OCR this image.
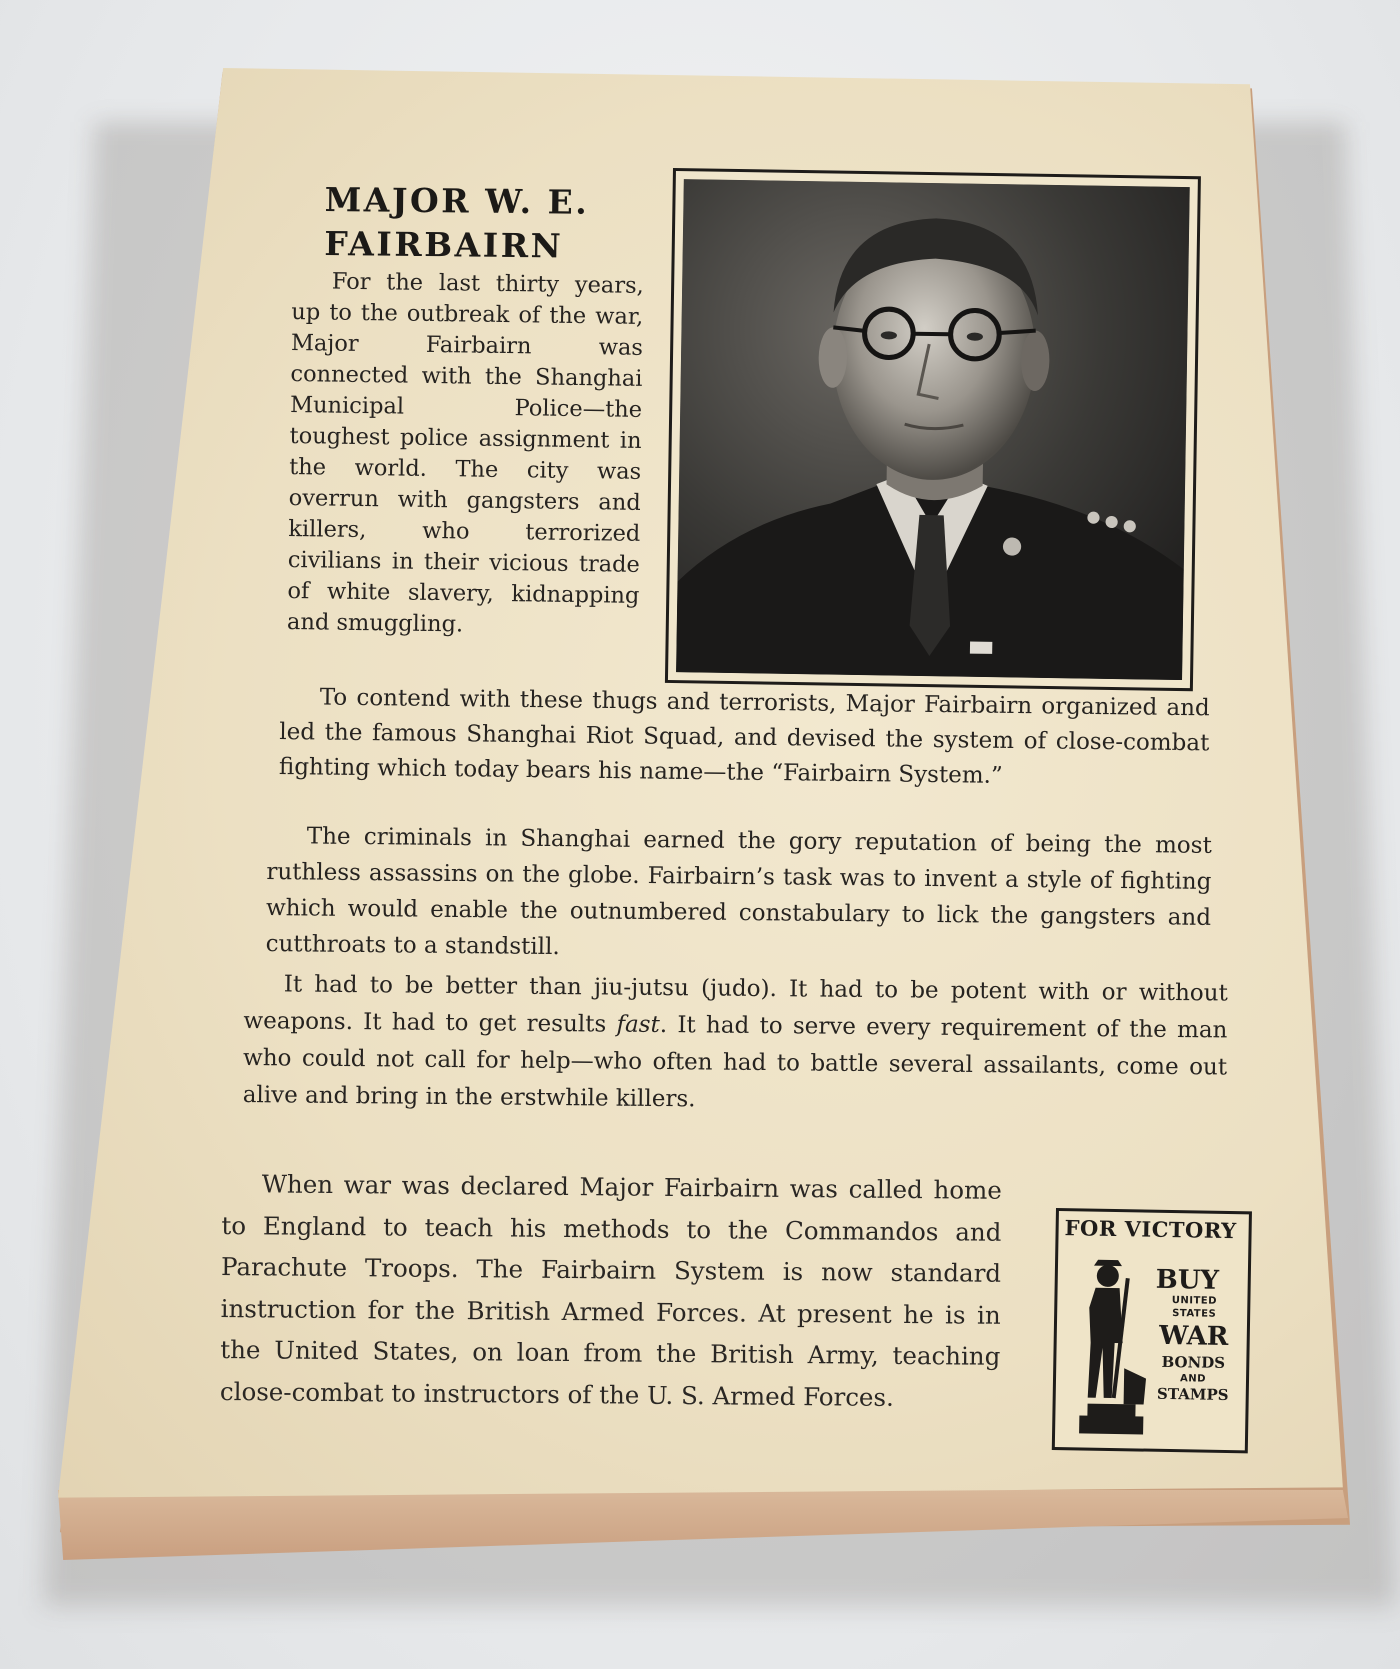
MAJOR W. E.
FAIRBAIRN

For the last thirty years, up to the outbreak of the war, Major Fairbairn was connected with the Shanghai Municipal Police—the toughest police assignment in the world. The city was overrun with gangsters and killers, who terrorized civilians in their vicious trade of white slavery, kidnapping and smuggling.

To contend with these thugs and terrorists, Major Fairbairn organized and led the famous Shanghai Riot Squad, and devised the system of close-combat fighting which today bears his name—the “Fairbairn System.”

The criminals in Shanghai earned the gory reputation of being the most ruthless assassins on the globe. Fairbairn’s task was to invent a style of fighting which would enable the outnumbered constabulary to lick the gangsters and cutthroats to a standstill.

It had to be better than jiu-jutsu (judo). It had to be potent with or without weapons. It had to get results fast. It had to serve every requirement of the man who could not call for help—who often had to battle several assailants, come out alive and bring in the erstwhile killers.

When war was declared Major Fairbairn was called home to England to teach his methods to the Commandos and Parachute Troops. The Fairbairn System is now standard instruction for the British Armed Forces. At present he is in the United States, on loan from the British Army, teaching close-combat to instructors of the U. S. Armed Forces.

FOR VICTORY
BUY
UNITED
STATES
WAR
BONDS
AND
STAMPS
